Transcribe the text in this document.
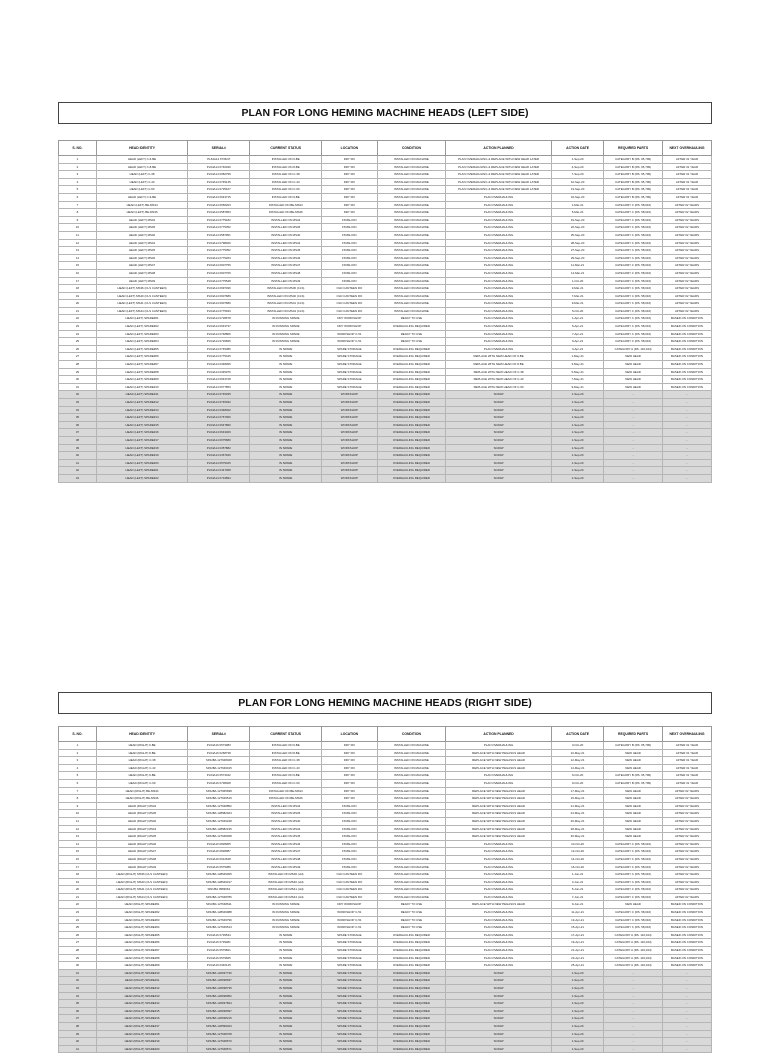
PLAN FOR LONG HEMING MACHINE HEADS (LEFT SIDE)
S. NO.	HEAD IDENTITY	SERIAL#	CURRENT STATUS	LOCATION	CONDITION	ACTION PLANNED	ACTION DATE	REQUIRED PARTS	NEXT OVERHAULING
1	HEAD (LEFT) C-6-BE	PL64A14 0736/47	INSTALLED ON 6-BE	DRY RO	INSTALLED ON MACHINE	PLAN OVERHAULING & REPLACE WITH NEW HEAD LATER	1-Sep-20	CATEGORY B (RS. 65,799)	AFTER 01 YEAR
2	HEAD (LEFT) C-8-BE	PL64A14 0746046	INSTALLED ON 8-BE	DRY RO	INSTALLED ON MACHINE	PLAN OVERHAULING & REPLACE WITH NEW HEAD LATER	4-Sep-20	CATEGORY B (RS. 65,799)	AFTER 01 YEAR
3	HEAD (LEFT) C-38	PL64A14 0082795	INSTALLED ON C-38	DRY RO	INSTALLED ON MACHINE	PLAN OVERHAULING & REPLACE WITH NEW HEAD LATER	7-Sep-20	CATEGORY B (RS. 65,799)	AFTER 01 YEAR
4	HEAD (LEFT) C-43	PL64A14 0745145	INSTALLED ON C-43	DRY RO	INSTALLED ON MACHINE	PLAN OVERHAULING & REPLACE WITH NEW HEAD LATER	10-Sep-20	CATEGORY B (RS. 65,799)	AFTER 01 YEAR
5	HEAD (LEFT) C-60	PL64A14 0725167	INSTALLED ON C-60	DRY RO	INSTALLED ON MACHINE	PLAN OVERHAULING & REPLACE WITH NEW HEAD LATER	13-Sep-20	CATEGORY B (RS. 65,799)	AFTER 01 YEAR
6	HEAD (LEFT) C-9-BE	PL64A14 0643715	INSTALLED ON 9-BE	DRY RO	INSTALLED ON MACHINE	PLAN OVERHAULING	16-Sep-20	CATEGORY B (RS. 65,799)	AFTER 01 YEAR
7	HEAD (LEFT) BE-MS34	PL64A14 0656203	INSTALLED ON BE-MS34	DRY RO	INSTALLED ON MACHINE	PLAN OVERHAULING	1-Mar-21	CATEGORY C (RS. 58,016)	AFTER 02 YEARS
8	HEAD (LEFT) BE-MS36	PL64A14 0587953	INSTALLED ON BE-MS36	DRY RO	INSTALLED ON MACHINE	PLAN OVERHAULING	5-Mar-21	CATEGORY C (RS. 58,016)	AFTER 02 YEARS
9	HEAD (LEFT) MS34	PL64A14 0775182	INSTALLED ON MS34	FINISH RO	INSTALLED ON MACHINE	PLAN OVERHAULING	19-Sep-20	CATEGORY C (RS. 58,016)	AFTER 02 YEARS
10	HEAD (LEFT) MS36	PL64A14 0775352	INSTALLED ON MS36	FINISH RO	INSTALLED ON MACHINE	PLAN OVERHAULING	22-Sep-20	CATEGORY C (RS. 58,016)	AFTER 02 YEARS
11	HEAD (LEFT) MS40	PL64A14 0587951	INSTALLED ON MS40	FINISH RO	INSTALLED ON MACHINE	PLAN OVERHAULING	25-Sep-20	CATEGORY C (RS. 58,016)	AFTER 02 YEARS
12	HEAD (LEFT) MS44	PL64A14 0798026	INSTALLED ON MS44	FINISH RO	INSTALLED ON MACHINE	PLAN OVERHAULING	28-Sep-20	CATEGORY C (RS. 58,016)	AFTER 02 YEARS
13	HEAD (LEFT) MS45	PL64A14 0775352	INSTALLED ON MS45	FINISH RO	INSTALLED ON MACHINE	PLAN OVERHAULING	27-Sep-20	CATEGORY C (RS. 58,016)	AFTER 02 YEARS
14	HEAD (LEFT) MS46	PL64A14 0775263	INSTALLED ON MS46	FINISH RO	INSTALLED ON MACHINE	PLAN OVERHAULING	29-Sep-20	CATEGORY C (RS. 58,016)	AFTER 02 YEARS
15	HEAD (LEFT) MS47	PL64A14 0907756	INSTALLED ON MS47	FINISH RO	INSTALLED ON MACHINE	PLAN OVERHAULING	11-Mar-21	CATEGORY C (RS. 58,016)	AFTER 02 YEARS
16	HEAD (LEFT) MS48	PL64A14 0907766	INSTALLED ON MS48	FINISH RO	INSTALLED ON MACHINE	PLAN OVERHAULING	14-Mar-21	CATEGORY C (RS. 58,016)	AFTER 02 YEARS
17	HEAD (LEFT) MS49	PL64A14 0775548	INSTALLED ON MS49	FINISH RO	INSTALLED ON MACHINE	PLAN OVERHAULING	1-Oct-20	CATEGORY C (RS. 58,016)	AFTER 02 YEARS
18	HEAD (LEFT) MS36 (CLS CANTEEN)	PL64A14 0997496	INSTALLED ON MS36 (CLS)	OLD CANTEEN RO	INSTALLED ON MACHINE	PLAN OVERHAULING	3-Mar-21	CATEGORY C (RS. 58,016)	AFTER 02 YEARS
19	HEAD (LEFT) MS40 (CLS CANTEEN)	PL64A14 0907689	INSTALLED ON MS40 (CLS)	OLD CANTEEN RO	INSTALLED ON MACHINE	PLAN OVERHAULING	7-Mar-21	CATEGORY C (RS. 58,016)	AFTER 02 YEARS
20	HEAD (LEFT) MS41 (CLS CANTEEN)	PL64A14 0907686	INSTALLED ON MS41 (CLS)	OLD CANTEEN RO	INSTALLED ON MACHINE	PLAN OVERHAULING	9-Mar-21	CATEGORY C (RS. 58,016)	AFTER 02 YEARS
21	HEAD (LEFT) MS44 (CLS CANTEEN)	PL64A14 0775933	INSTALLED ON MS44 (CLS)	OLD CANTEEN RO	INSTALLED ON MACHINE	PLAN OVERHAULING	5-Oct-20	CATEGORY C (RS. 58,016)	AFTER 02 YEARS
22	HEAD (LEFT) SPARE#01	PL64A14 0728678	IN RUNNING SPARE	DRY WORKSHOP	READY TO USE	PLAN OVERHAULING	1-Apr-21	CATEGORY C (RS. 58,016)	BASED ON CONDITION
23	HEAD (LEFT) SPARE#02	PL64A14 0643737	IN RUNNING SPARE	DRY WORKSHOP	OVERHAULING REQUIRED	PLAN OVERHAULING	5-Apr-21	CATEGORY C (RS. 58,016)	BASED ON CONDITION
24	HEAD (LEFT) SPARE#03	PL64A14 0748866	IN RUNNING SPARE	WORKSHOP C-51	READY TO USE	PLAN OVERHAULING	7-Apr-21	CATEGORY C (RS. 58,016)	BASED ON CONDITION
25	HEAD (LEFT) SPARE#04	PL64A14 0726826	IN RUNNING SPARE	WORKSHOP C-51	READY TO USE	PLAN OVERHAULING	9-Apr-21	CATEGORY C (RS. 58,016)	BASED ON CONDITION
26	HEAD (LEFT) SPARE#05	PL64A14 0745386	IN SPARE	SPARE STORAGE	OVERHAULING REQUIRED	PLAN OVERHAULING	3-Apr-21	CATEGORY A (RS. 116,044)	BASED ON CONDITION
27	HEAD (LEFT) SPARE#06	PL64A14 0775445	IN SPARE	SPARE STORAGE	OVERHAULING REQUIRED	REPLACE WITH NEW HEAD OF 6-BE	1-May-21	NEW HEAD	BASED ON CONDITION
28	HEAD (LEFT) SPARE#07	PL64A14 0348366	IN SPARE	SPARE STORAGE	OVERHAULING REQUIRED	REPLACE WITH NEW HEAD OF 8-BE	3-May-21	NEW HEAD	BASED ON CONDITION
29	HEAD (LEFT) SPARE#08	PL64A14 0345076	IN SPARE	SPARE STORAGE	OVERHAULING REQUIRED	REPLACE WITH NEW HEAD OF C-38	5-May-21	NEW HEAD	BASED ON CONDITION
30	HEAD (LEFT) SPARE#09	PL64A14 0643728	IN SPARE	SPARE STORAGE	OVERHAULING REQUIRED	REPLACE WITH NEW HEAD OF C-43	7-May-21	NEW HEAD	BASED ON CONDITION
31	HEAD (LEFT) SPARE#10	PL64A14 0677853	IN SPARE	SPARE STORAGE	OVERHAULING REQUIRED	REPLACE WITH NEW HEAD OF C-60	9-May-21	NEW HEAD	BASED ON CONDITION
32	HEAD (LEFT) SPARE#11	PL64A14 0745035	IN SPARE	WORKSHOP	OVERHAULING REQUIRED	SCRAP	1-Sep-20	-	-
33	HEAD (LEFT) SPARE#12	PL64A14 0745032	IN SPARE	WORKSHOP	OVERHAULING REQUIRED	SCRAP	1-Sep-20	-	-
34	HEAD (LEFT) SPARE#13	PL64A14 0348022	IN SPARE	WORKSHOP	OVERHAULING REQUIRED	SCRAP	1-Sep-20	-	-
35	HEAD (LEFT) SPARE#14	PL64A14 0767006	IN SPARE	WORKSHOP	OVERHAULING REQUIRED	SCRAP	1-Sep-20	-	-
36	HEAD (LEFT) SPARE#15	PL64A14 0647860	IN SPARE	WORKSHOP	OVERHAULING REQUIRED	SCRAP	1-Sep-20	-	-
37	HEAD (LEFT) SPARE#16	PL64A14 0643409	IN SPARE	WORKSHOP	OVERHAULING REQUIRED	SCRAP	1-Sep-20	-	-
38	HEAD (LEFT) SPARE#17	PL64A14 0675680	IN SPARE	WORKSHOP	OVERHAULING REQUIRED	SCRAP	1-Sep-20	-	-
39	HEAD (LEFT) SPARE#18	PL64A14 0357882	IN SPARE	WORKSHOP	OVERHAULING REQUIRED	SCRAP	1-Sep-20	-	-
40	HEAD (LEFT) SPARE#19	PL64A14 0367940	IN SPARE	WORKSHOP	OVERHAULING REQUIRED	SCRAP	1-Sep-20	-	-
41	HEAD (LEFT) SPARE#20	PL64A14 0575425	IN SPARE	WORKSHOP	OVERHAULING REQUIRED	SCRAP	1-Sep-20	-	-
42	HEAD (LEFT) SPARE#21	PL64A14 0447068	IN SPARE	WORKSHOP	OVERHAULING REQUIRED	SCRAP	1-Sep-20	-	-
43	HEAD (LEFT) SPARE#22	PL64A14 0734894	IN SPARE	WORKSHOP	OVERHAULING REQUIRED	SCRAP	1-Sep-20	-	-
PLAN FOR LONG HEMING MACHINE HEADS (RIGHT SIDE)
S. NO.	HEAD IDENTITY	SERIAL#	CURRENT STATUS	LOCATION	CONDITION	ACTION PLANNED	ACTION DATE	REQUIRED PARTS	NEXT OVERHAULING
1	HEAD (RIGHT) 6-BE	PL64A16 0573083	INSTALLED ON 6-BE	DRY RO	INSTALLED ON MACHINE	PLAN OVERHAULING	3-Oct-20	CATEGORY B (RS. 65,799)	AFTER 01 YEAR
2	HEAD (RIGHT) 8-BE	PL64A16 0268738	INSTALLED ON 8-BE	DRY RO	INSTALLED ON MACHINE	REPLACE WITH NEW PEGASUS HEAD	10-May-21	NEW HEAD	AFTER 01 YEAR
3	HEAD (RIGHT) C-38	SINUBA 127648028	INSTALLED ON C-38	DRY RO	INSTALLED ON MACHINE	REPLACE WITH NEW PEGASUS HEAD	12-May-21	NEW HEAD	AFTER 01 YEAR
4	HEAD (RIGHT) C-43	SINUBA 127649015	INSTALLED ON C-43	DRY RO	INSTALLED ON MACHINE	REPLACE WITH NEW PEGASUS HEAD	14-May-21	NEW HEAD	AFTER 01 YEAR
5	HEAD (RIGHT) 9-BE	PL64A16 0573342	INSTALLED ON 9-BE	DRY RO	INSTALLED ON MACHINE	PLAN OVERHAULING	6-Oct-20	CATEGORY B (RS. 65,799)	AFTER 01 YEAR
6	HEAD (RIGHT) C-60	PL64A16 0738408	INSTALLED ON C-60	DRY RO	INSTALLED ON MACHINE	PLAN OVERHAULING	9-Oct-20	CATEGORY B (RS. 65,799)	AFTER 01 YEAR
7	HEAD (RIGHT) BE-MS34	SINUBA 127665698	INSTALLED ON BE-MS34	DRY RO	INSTALLED ON MACHINE	REPLACE WITH NEW PEGASUS HEAD	17-May-21	NEW HEAD	AFTER 02 YEARS
8	HEAD (RIGHT) BE-MS36	SINUBA 127649519	INSTALLED ON BE-MS36	DRY RO	INSTALLED ON MACHINE	REPLACE WITH NEW PEGASUS HEAD	19-May-21	NEW HEAD	AFTER 02 YEARS
9	HEAD (RIGHT) MS34	SINUBA 127648852	INSTALLED ON MS34	FINISH RO	INSTALLED ON MACHINE	REPLACE WITH NEW PEGASUS HEAD	21-May-21	NEW HEAD	AFTER 02 YEARS
10	HEAD (RIGHT) MS36	SINUBA 128682024	INSTALLED ON MS36	FINISH RO	INSTALLED ON MACHINE	REPLACE WITH NEW PEGASUS HEAD	24-May-21	NEW HEAD	AFTER 02 YEARS
11	HEAD (RIGHT) MS40	SINUBA 127649248	INSTALLED ON MS40	FINISH RO	INSTALLED ON MACHINE	REPLACE WITH NEW PEGASUS HEAD	26-May-21	NEW HEAD	AFTER 02 YEARS
12	HEAD (RIGHT) MS44	SINUBA 128682195	INSTALLED ON MS44	FINISH RO	INSTALLED ON MACHINE	REPLACE WITH NEW PEGASUS HEAD	28-May-21	NEW HEAD	AFTER 02 YEARS
13	HEAD (RIGHT) MS45	SINUBA 127648468	INSTALLED ON MS45	FINISH RO	INSTALLED ON MACHINE	REPLACE WITH NEW PEGASUS HEAD	30-May-21	NEW HEAD	AFTER 02 YEARS
14	HEAD (RIGHT) MS46	PL64A16 0828065	INSTALLED ON MS46	FINISH RO	INSTALLED ON MACHINE	PLAN OVERHAULING	10-Oct-20	CATEGORY C (RS. 58,016)	AFTER 02 YEARS
15	HEAD (RIGHT) MS47	PL64A16 0828087	INSTALLED ON MS47	FINISH RO	INSTALLED ON MACHINE	PLAN OVERHAULING	12-Oct-20	CATEGORY C (RS. 58,016)	AFTER 02 YEARS
16	HEAD (RIGHT) MS48	PL64A16 0912648	INSTALLED ON MS48	FINISH RO	INSTALLED ON MACHINE	PLAN OVERHAULING	14-Oct-20	CATEGORY C (RS. 58,016)	AFTER 02 YEARS
17	HEAD (RIGHT) MS49	PL64A16 0575389	INSTALLED ON MS49	FINISH RO	INSTALLED ON MACHINE	PLAN OVERHAULING	16-Oct-20	CATEGORY C (RS. 58,016)	AFTER 02 YEARS
18	HEAD (RIGHT) MS36 (CLS CANTEEN)	SINUBA 128649305	INSTALLED ON MS36 (old)	OLD CANTEEN RO	INSTALLED ON MACHINE	PLAN OVERHAULING	1-Jun-21	CATEGORY C (RS. 58,016)	AFTER 02 YEARS
19	HEAD (RIGHT) MS40 (CLS CANTEEN)	SINUBA 128649317	INSTALLED ON MS40 (old)	OLD CANTEEN RO	INSTALLED ON MACHINE	PLAN OVERHAULING	3-Jun-21	CATEGORY C (RS. 58,016)	AFTER 02 YEARS
20	HEAD (RIGHT) MS41 (CLS CANTEEN)	SINUBA 0583664	INSTALLED ON MS41 (old)	OLD CANTEEN RO	INSTALLED ON MACHINE	PLAN OVERHAULING	5-Jun-21	CATEGORY C (RS. 58,016)	AFTER 02 YEARS
21	HEAD (RIGHT) MS44 (CLS CANTEEN)	SINUBA 127648786	INSTALLED ON MS44 (old)	OLD CANTEEN RO	INSTALLED ON MACHINE	PLAN OVERHAULING	7-Jun-21	CATEGORY C (RS. 58,016)	AFTER 02 YEARS
22	HEAD (RIGHT) SPARE#01	SINUBA 127648611	IN RUNNING SPARE	DRY WORKSHOP	READY TO USE	REPLACE WITH NEW PEGASUS HEAD	9-Jun-21	NEW HEAD	BASED ON CONDITION
23	HEAD (RIGHT) SPARE#02	SINUBA 128649988	IN RUNNING SPARE	WORKSHOP C-51	READY TO USE	PLAN OVERHAULING	11-Apr-21	CATEGORY C (RS. 58,016)	BASED ON CONDITION
24	HEAD (RIGHT) SPARE#03	SINUBA 127649796	IN RUNNING SPARE	WORKSHOP C-51	READY TO USE	PLAN OVERHAULING	13-Apr-21	CATEGORY C (RS. 58,016)	BASED ON CONDITION
25	HEAD (RIGHT) SPARE#04	SINUBA 127649513	IN RUNNING SPARE	WORKSHOP C-51	READY TO USE	PLAN OVERHAULING	15-Apr-21	CATEGORY C (RS. 58,016)	BASED ON CONDITION
26	HEAD (RIGHT) SPARE#05	PL64A16 0739534	IN SPARE	SPARE STORAGE	OVERHAULING REQUIRED	PLAN OVERHAULING	17-Apr-21	CATEGORY A (RS. 116,044)	BASED ON CONDITION
27	HEAD (RIGHT) SPARE#06	PL64A16 0739481	IN SPARE	SPARE STORAGE	OVERHAULING REQUIRED	PLAN OVERHAULING	19-Apr-21	CATEGORY A (RS. 116,044)	BASED ON CONDITION
28	HEAD (RIGHT) SPARE#07	PL64A16 0579821	IN SPARE	SPARE STORAGE	OVERHAULING REQUIRED	PLAN OVERHAULING	21-Apr-21	CATEGORY A (RS. 116,044)	BASED ON CONDITION
29	HEAD (RIGHT) SPARE#08	PL64A16 0579665	IN SPARE	SPARE STORAGE	OVERHAULING REQUIRED	PLAN OVERHAULING	23-Apr-21	CATEGORY A (RS. 116,044)	BASED ON CONDITION
30	HEAD (RIGHT) SPARE#09	PL64A16 0346145	IN SPARE	SPARE STORAGE	OVERHAULING REQUIRED	PLAN OVERHAULING	25-Apr-21	CATEGORY A (RS. 116,044)	BASED ON CONDITION
31	HEAD (RIGHT) SPARE#10	SINUBA 126637746	IN SPARE	SPARE STORAGE	OVERHAULING REQUIRED	SCRAP	1-Sep-20	-	-
32	HEAD (RIGHT) SPARE#11	SINUBA 126638937	IN SPARE	SPARE STORAGE	OVERHAULING REQUIRED	SCRAP	1-Sep-20	-	-
33	HEAD (RIGHT) SPARE#12	SINUBA 126638735	IN SPARE	SPARE STORAGE	OVERHAULING REQUIRED	SCRAP	1-Sep-20	-	-
34	HEAD (RIGHT) SPARE#13	SINUBA 126638952	IN SPARE	SPARE STORAGE	OVERHAULING REQUIRED	SCRAP	1-Sep-20	-	-
35	HEAD (RIGHT) SPARE#14	SINUBA 126637824	IN SPARE	SPARE STORAGE	OVERHAULING REQUIRED	SCRAP	1-Sep-20	-	-
36	HEAD (RIGHT) SPARE#15	SINUBA 126638097	IN SPARE	SPARE STORAGE	OVERHAULING REQUIRED	SCRAP	1-Sep-20	-	-
37	HEAD (RIGHT) SPARE#16	SINUBA 126638215	IN SPARE	SPARE STORAGE	OVERHAULING REQUIRED	SCRAP	1-Sep-20	-	-
38	HEAD (RIGHT) SPARE#17	SINUBA 126599023	IN SPARE	SPARE STORAGE	OVERHAULING REQUIRED	SCRAP	1-Sep-20	-	-
39	HEAD (RIGHT) SPARE#18	SINUBA 127648768	IN SPARE	SPARE STORAGE	OVERHAULING REQUIRED	SCRAP	1-Sep-20	-	-
40	HEAD (RIGHT) SPARE#19	SINUBA 127648670	IN SPARE	SPARE STORAGE	OVERHAULING REQUIRED	SCRAP	1-Sep-20	-	-
41	HEAD (RIGHT) SPARE#20	SINUBA 127648671	IN SPARE	SPARE STORAGE	OVERHAULING REQUIRED	SCRAP	1-Sep-20	-	-
